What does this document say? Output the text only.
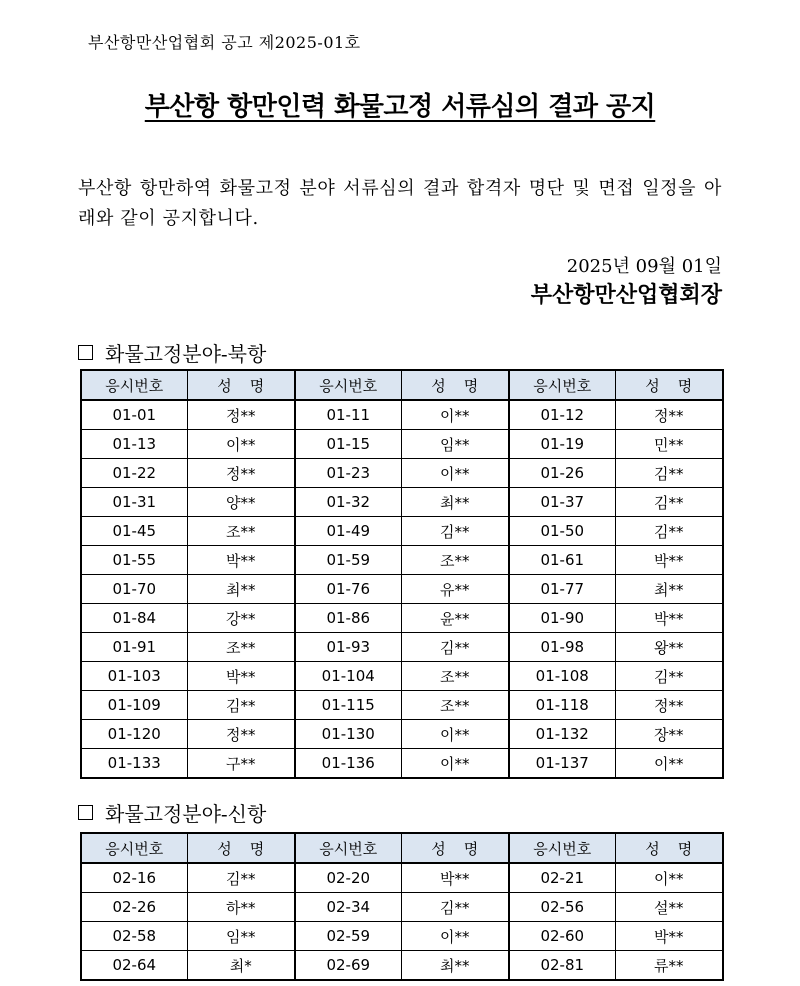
부산항만산업협회 공고 제2025-01호
부산항 항만인력 화물고정 서류심의 결과 공지
부산항 항만하역 화물고정 분야 서류심의 결과 합격자 명단 및 면접 일정을 아래와 같이 공지합니다.
2025년 09월 01일
부산항만산업협회장
화물고정분야-북항
응시번호	성명	응시번호	성명	응시번호	성명
01-01	정**	01-11	이**	01-12	정**
01-13	이**	01-15	임**	01-19	민**
01-22	정**	01-23	이**	01-26	김**
01-31	양**	01-32	최**	01-37	김**
01-45	조**	01-49	김**	01-50	김**
01-55	박**	01-59	조**	01-61	박**
01-70	최**	01-76	유**	01-77	최**
01-84	강**	01-86	윤**	01-90	박**
01-91	조**	01-93	김**	01-98	왕**
01-103	박**	01-104	조**	01-108	김**
01-109	김**	01-115	조**	01-118	정**
01-120	정**	01-130	이**	01-132	장**
01-133	구**	01-136	이**	01-137	이**
화물고정분야-신항
응시번호	성명	응시번호	성명	응시번호	성명
02-16	김**	02-20	박**	02-21	이**
02-26	하**	02-34	김**	02-56	설**
02-58	임**	02-59	이**	02-60	박**
02-64	최*	02-69	최**	02-81	류**
